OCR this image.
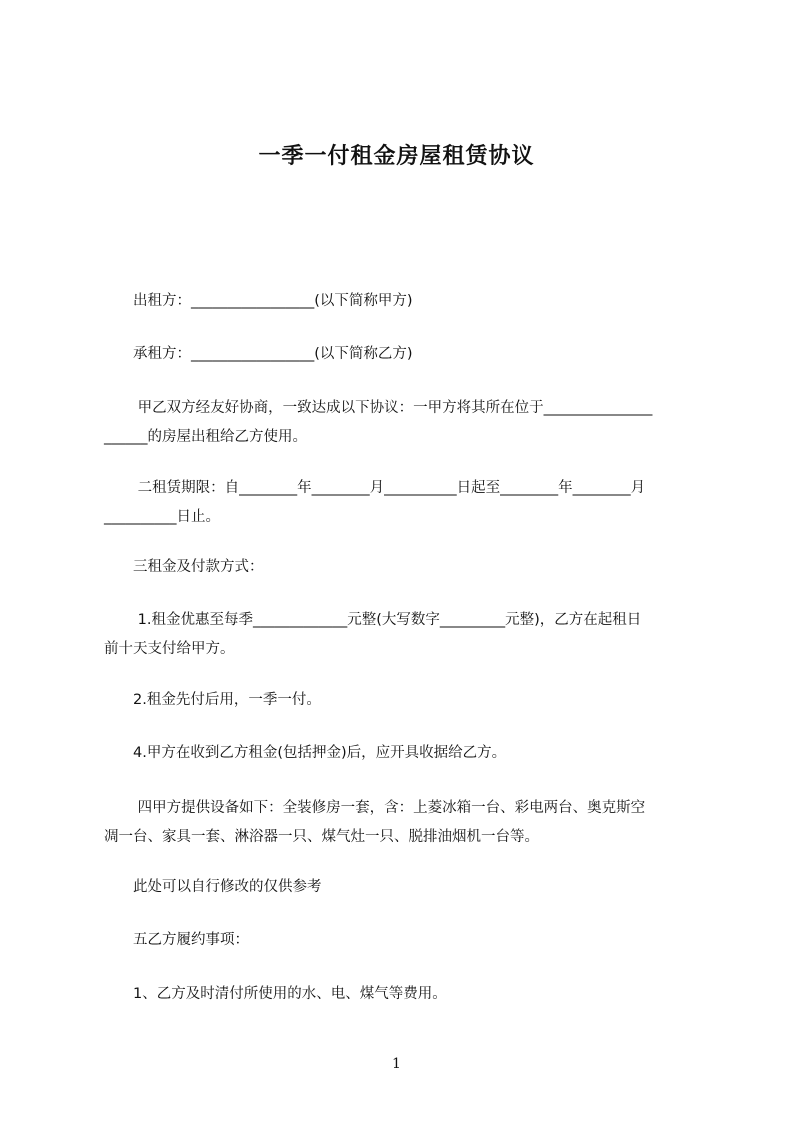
一季一付租金房屋租赁协议
　　出租方：_________________(以下简称甲方)
　　承租方：_________________(以下简称乙方)
　　 甲乙双方经友好协商，一致达成以下协议：一甲方将其所在位于_______________
______的房屋出租给乙方使用。
　　 二租赁期限：自________年________月__________日起至________年________月
__________日止。
　　三租金及付款方式：
　　 1.租金优惠至每季_____________元整(大写数字_________元整)，乙方在起租日
前十天支付给甲方。
　　2.租金先付后用，一季一付。
　　4.甲方在收到乙方租金(包括押金)后，应开具收据给乙方。
　　 四甲方提供设备如下：全装修房一套，含：上菱冰箱一台、彩电两台、奥克斯空
凋一台、家具一套、淋浴器一只、煤气灶一只、脱排油烟机一台等。
　　此处可以自行修改的仅供参考
　　五乙方履约事项：
　　1、乙方及时清付所使用的水、电、煤气等费用。
1
